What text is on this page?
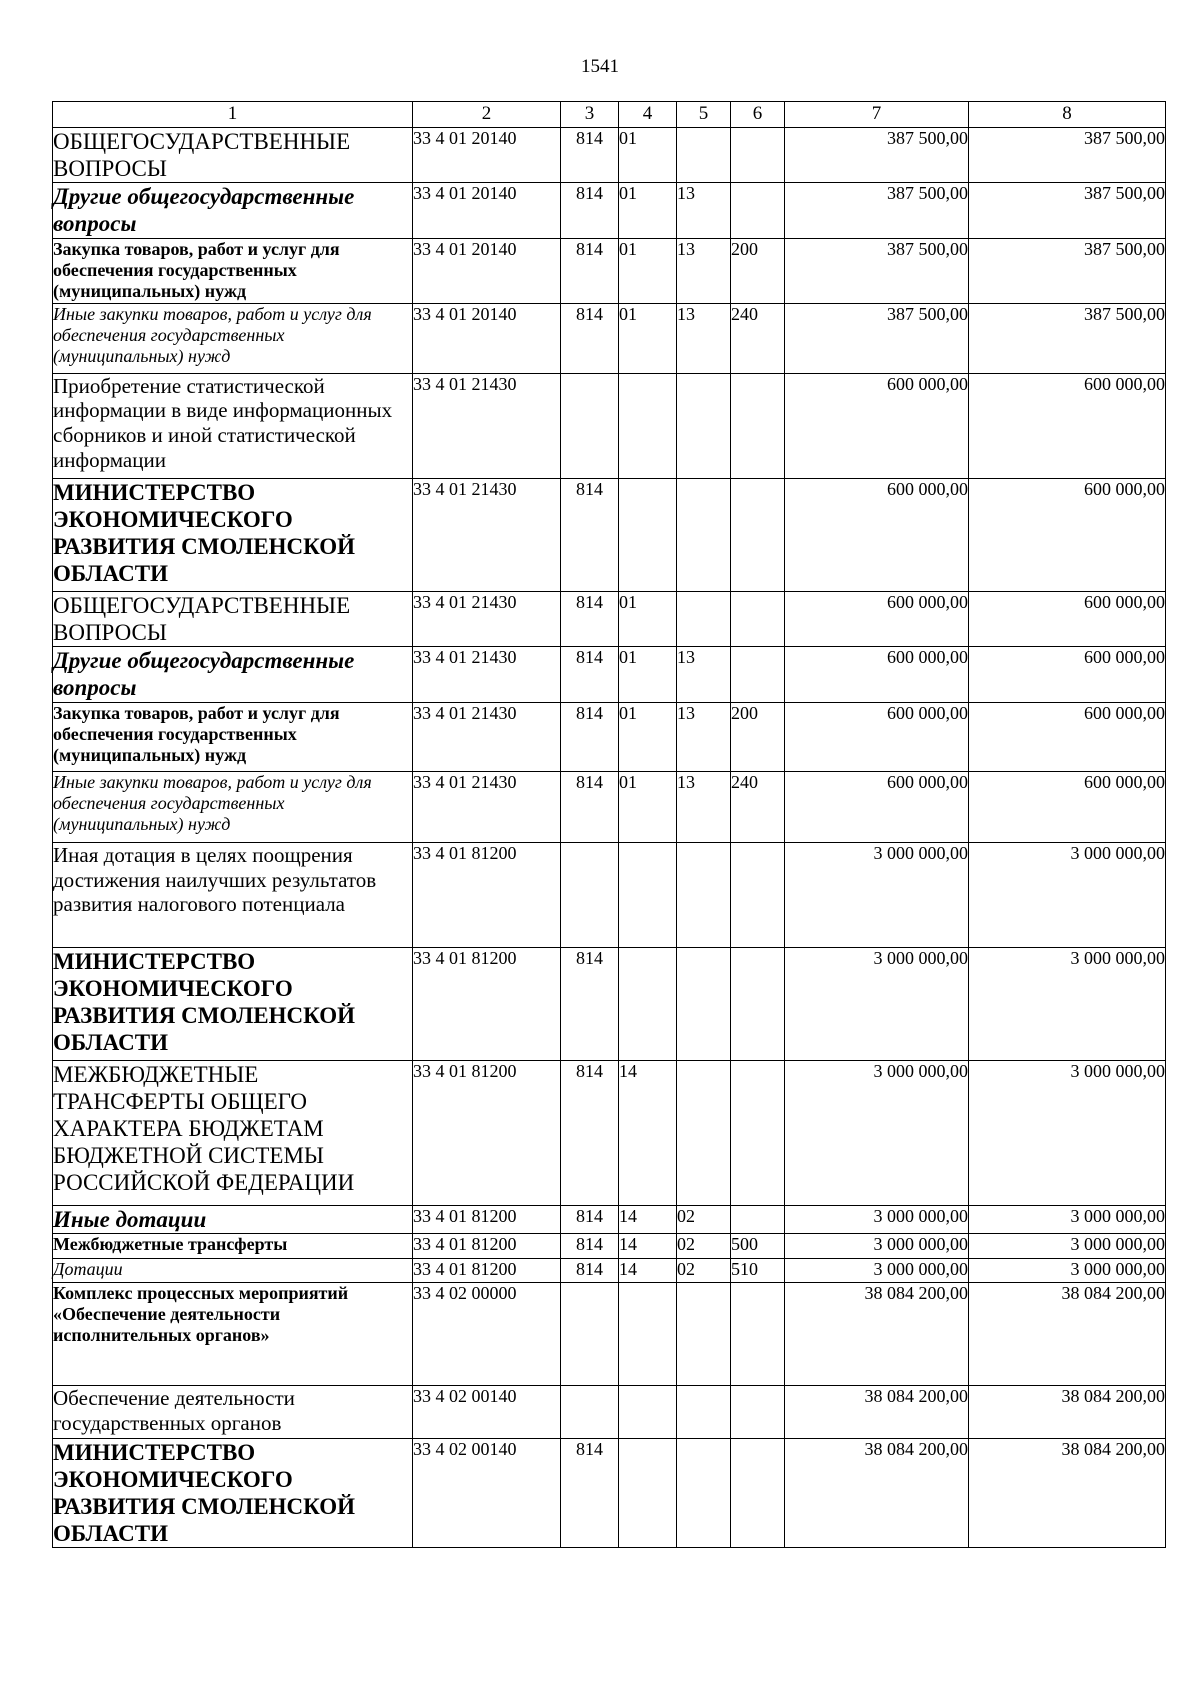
1541
1	2	3	4	5	6	7	8
ОБЩЕГОСУДАРСТВЕННЫЕ ВОПРОСЫ	33 4 01 20140	814	01			387 500,00	387 500,00
Другие общегосударственные вопросы	33 4 01 20140	814	01	13		387 500,00	387 500,00
Закупка товаров, работ и услуг для обеспечения государственных (муниципальных) нужд	33 4 01 20140	814	01	13	200	387 500,00	387 500,00
Иные закупки товаров, работ и услуг для обеспечения государственных (муниципальных) нужд	33 4 01 20140	814	01	13	240	387 500,00	387 500,00
Приобретение статистической информации в виде информационных сборников и иной статистической информации	33 4 01 21430					600 000,00	600 000,00
МИНИСТЕРСТВО ЭКОНОМИЧЕСКОГО РАЗВИТИЯ СМОЛЕНСКОЙ ОБЛАСТИ	33 4 01 21430	814				600 000,00	600 000,00
ОБЩЕГОСУДАРСТВЕННЫЕ ВОПРОСЫ	33 4 01 21430	814	01			600 000,00	600 000,00
Другие общегосударственные вопросы	33 4 01 21430	814	01	13		600 000,00	600 000,00
Закупка товаров, работ и услуг для обеспечения государственных (муниципальных) нужд	33 4 01 21430	814	01	13	200	600 000,00	600 000,00
Иные закупки товаров, работ и услуг для обеспечения государственных (муниципальных) нужд	33 4 01 21430	814	01	13	240	600 000,00	600 000,00
Иная дотация в целях поощрения достижения наилучших результатов развития налогового потенциала	33 4 01 81200					3 000 000,00	3 000 000,00
МИНИСТЕРСТВО ЭКОНОМИЧЕСКОГО РАЗВИТИЯ СМОЛЕНСКОЙ ОБЛАСТИ	33 4 01 81200	814				3 000 000,00	3 000 000,00
МЕЖБЮДЖЕТНЫЕ ТРАНСФЕРТЫ ОБЩЕГО ХАРАКТЕРА БЮДЖЕТАМ БЮДЖЕТНОЙ СИСТЕМЫ РОССИЙСКОЙ ФЕДЕРАЦИИ	33 4 01 81200	814	14			3 000 000,00	3 000 000,00
Иные дотации	33 4 01 81200	814	14	02		3 000 000,00	3 000 000,00
Межбюджетные трансферты	33 4 01 81200	814	14	02	500	3 000 000,00	3 000 000,00
Дотации	33 4 01 81200	814	14	02	510	3 000 000,00	3 000 000,00
Комплекс процессных мероприятий «Обеспечение деятельности исполнительных органов»	33 4 02 00000					38 084 200,00	38 084 200,00
Обеспечение деятельности государственных органов	33 4 02 00140					38 084 200,00	38 084 200,00
МИНИСТЕРСТВО ЭКОНОМИЧЕСКОГО РАЗВИТИЯ СМОЛЕНСКОЙ ОБЛАСТИ	33 4 02 00140	814				38 084 200,00	38 084 200,00
